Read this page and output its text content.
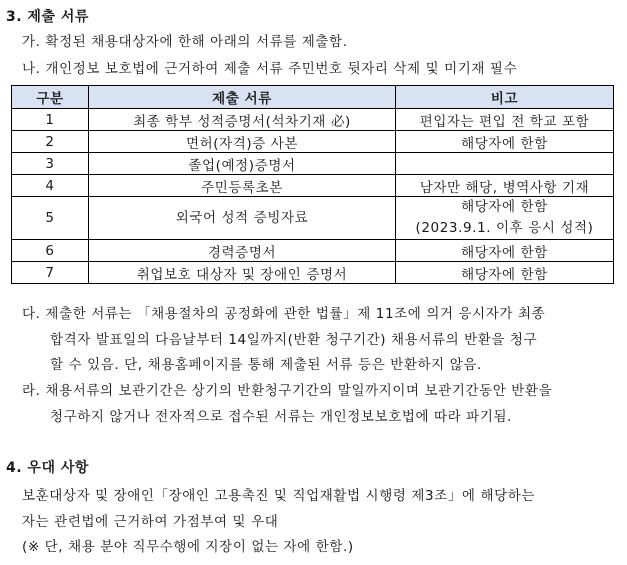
3. 제출 서류
가. 확정된 채용대상자에 한해 아래의 서류를 제출함.
나. 개인정보 보호법에 근거하여 제출 서류 주민번호 뒷자리 삭제 및 미기재 필수
구분	제출 서류	비고
1	최종 학부 성적증명서(석차기재 必)	편입자는 편입 전 학교 포함
2	면허(자격)증 사본	해당자에 한함
3	졸업(예정)증명서	
4	주민등록초본	남자만 해당, 병역사항 기재
5	외국어 성적 증빙자료	해당자에 한함
(2023.9.1. 이후 응시 성적)

6	경력증명서	해당자에 한함
7	취업보호 대상자 및 장애인 증명서	해당자에 한함
다. 제출한 서류는 「채용절차의 공정화에 관한 법률」제 11조에 의거 응시자가 최종
합격자 발표일의 다음날부터 14일까지(반환 청구기간) 채용서류의 반환을 청구
할 수 있음. 단, 채용홈페이지를 통해 제출된 서류 등은 반환하지 않음.
라. 채용서류의 보관기간은 상기의 반환청구기간의 말일까지이며 보관기간동안 반환을
청구하지 않거나 전자적으로 접수된 서류는 개인정보보호법에 따라 파기됨.
4. 우대 사항
보훈대상자 및 장애인「장애인 고용촉진 및 직업재활법 시행령 제3조」에 해당하는
자는 관련법에 근거하여 가점부여 및 우대
(※ 단, 채용 분야 직무수행에 지장이 없는 자에 한함.)
